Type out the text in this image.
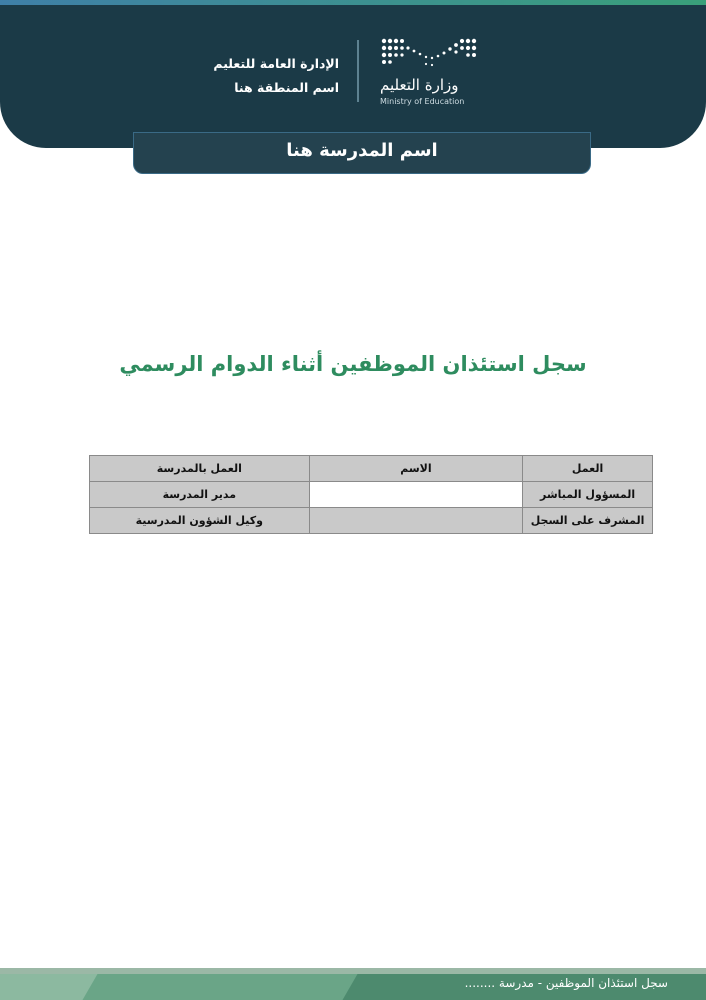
وزارة التعليم
Ministry of Education
الإدارة العامة للتعليم
اسم المنطقة هنا
اسم المدرسة هنا
سجل استئذان الموظفين أثناء الدوام الرسمي
العمل	الاسم	العمل بالمدرسة
المسؤول المباشر		مدير المدرسة
المشرف على السجل		وكيل الشؤون المدرسية
سجل استئذان الموظفين - مدرسة ........
